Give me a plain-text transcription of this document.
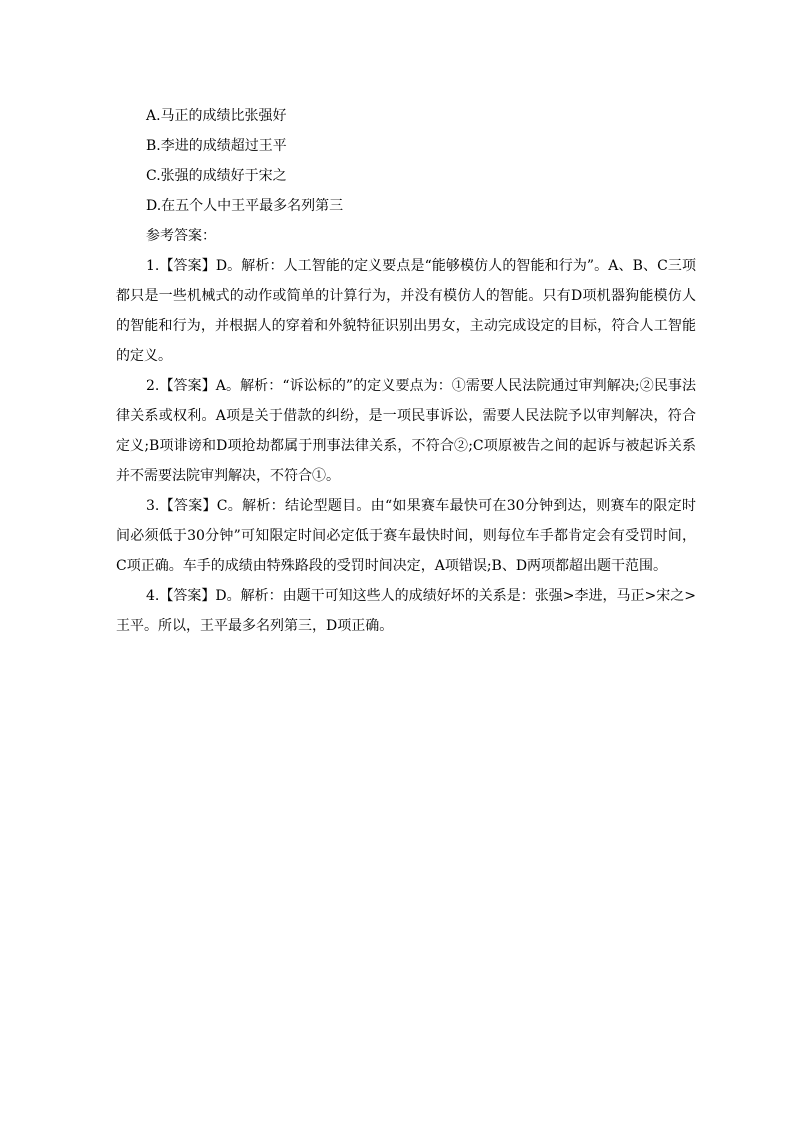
A.马正的成绩比张强好
B.李进的成绩超过王平
C.张强的成绩好于宋之
D.在五个人中王平最多名列第三
参考答案：

1.【答案】D。解析：人工智能的定义要点是“能够模仿人的智能和行为”。A、B、C三项都只是一些机械式的动作或简单的计算行为，并没有模仿人的智能。只有D项机器狗能模仿人的智能和行为，并根据人的穿着和外貌特征识别出男女，主动完成设定的目标，符合人工智能的定义。

2.【答案】A。解析：“诉讼标的”的定义要点为：①需要人民法院通过审判解决;②民事法律关系或权利。A项是关于借款的纠纷，是一项民事诉讼，需要人民法院予以审判解决，符合定义;B项诽谤和D项抢劫都属于刑事法律关系，不符合②;C项原被告之间的起诉与被起诉关系并不需要法院审判解决，不符合①。

3.【答案】C。解析：结论型题目。由“如果赛车最快可在30分钟到达，则赛车的限定时间必须低于30分钟”可知限定时间必定低于赛车最快时间，则每位车手都肯定会有受罚时间，C项正确。车手的成绩由特殊路段的受罚时间决定，A项错误;B、D两项都超出题干范围。

4.【答案】D。解析：由题干可知这些人的成绩好坏的关系是：张强>李进，马正>宋之>王平。所以，王平最多名列第三，D项正确。
